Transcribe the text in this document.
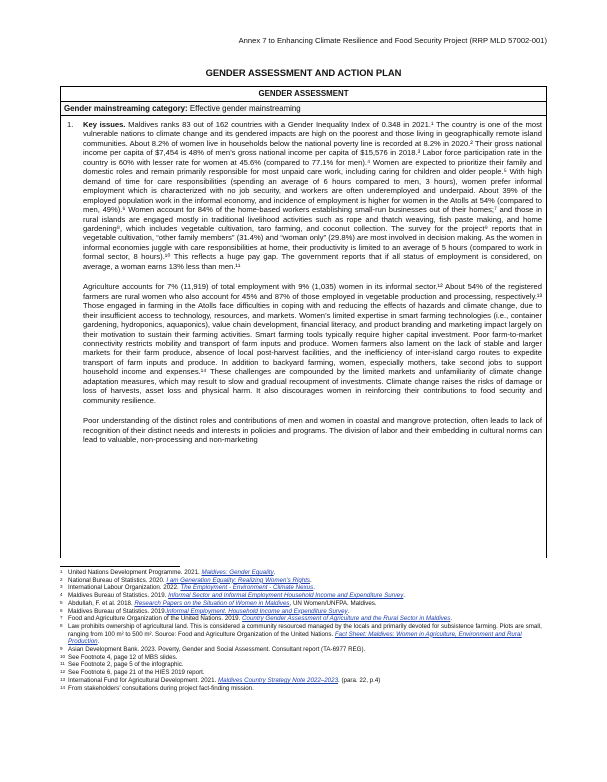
Annex 7 to Enhancing Climate Resilience and Food Security Project (RRP MLD 57002-001)
GENDER ASSESSMENT AND ACTION PLAN
GENDER ASSESSMENT
Gender mainstreaming category: Effective gender mainstreaming
1. Key issues. Maldives ranks 83 out of 162 countries with a Gender Inequality Index of 0.348 in 2021.¹ The country is one of the most vulnerable nations to climate change and its gendered impacts are high on the poorest and those living in geographically remote island communities. About 8.2% of women live in households below the national poverty line is recorded at 8.2% in 2020.² Their gross national income per capita of $7,454 is 48% of men’s gross national income per capita of $15,576 in 2018.³ Labor force participation rate in the country is 60% with lesser rate for women at 45.6% (compared to 77.1% for men).⁴ Women are expected to prioritize their family and domestic roles and remain primarily responsible for most unpaid care work, including caring for children and older people.⁵ With high demand of time for care responsibilities (spending an average of 6 hours compared to men, 3 hours), women prefer informal employment which is characterized with no job security, and workers are often underemployed and underpaid. About 39% of the employed population work in the informal economy, and incidence of employment is higher for women in the Atolls at 54% (compared to men, 49%).⁶ Women account for 84% of the home-based workers establishing small-run businesses out of their homes;⁷ and those in rural islands are engaged mostly in traditional livelihood activities such as rope and thatch weaving, fish paste making, and home gardening⁸, which includes vegetable cultivation, taro farming, and coconut collection. The survey for the project⁹ reports that in vegetable cultivation, “other family members” (31.4%) and “woman only” (29.8%) are most involved in decision making. As the women in informal economies juggle with care responsibilities at home, their productivity is limited to an average of 5 hours (compared to work in formal sector, 8 hours).¹⁰ This reflects a huge pay gap. The government reports that if all status of employment is considered, on average, a woman earns 13% less than men.¹¹

Agriculture accounts for 7% (11,919) of total employment with 9% (1,035) women in its informal sector.¹² About 54% of the registered farmers are rural women who also account for 45% and 87% of those employed in vegetable production and processing, respectively.¹³ Those engaged in farming in the Atolls face difficulties in coping with and reducing the effects of hazards and climate change, due to their insufficient access to technology, resources, and markets. Women’s limited expertise in smart farming technologies (i.e., container gardening, hydroponics, aquaponics), value chain development, financial literacy, and product branding and marketing impact largely on their motivation to sustain their farming activities. Smart farming tools typically require higher capital investment. Poor farm-to-market connectivity restricts mobility and transport of farm inputs and produce. Women farmers also lament on the lack of stable and larger markets for their farm produce, absence of local post-harvest facilities, and the inefficiency of inter-island cargo routes to expedite transport of farm inputs and produce. In addition to backyard farming, women, especially mothers, take second jobs to support household income and expenses.¹⁴ These challenges are compounded by the limited markets and unfamiliarity of climate change adaptation measures, which may result to slow and gradual recoupment of investments. Climate change raises the risks of damage or loss of harvests, asset loss and physical harm. It also discourages women in reinforcing their contributions to food security and community resilience.

Poor understanding of the distinct roles and contributions of men and women in coastal and mangrove protection, often leads to lack of recognition of their distinct needs and interests in policies and programs. The division of labor and their embedding in cultural norms can lead to valuable, non-processing and non-marketing

1 United Nations Development Programme. 2021. Maldives: Gender Equality.
2 National Bureau of Statistics. 2020. I am Generation Equality: Realizing Women’s Rights.
3 International Labour Organization. 2022. The Employment - Environment - Climate Nexus.
4 Maldives Bureau of Statistics. 2019. Informal Sector and Informal Employment Household Income and Expenditure Survey.
5 Abdullah, F. et al. 2018. Research Papers on the Situation of Women in Maldives, UN Women/UNFPA. Maldives.
6 Maldives Bureau of Statistics. 2019.Informal Employment. Household Income and Expenditure Survey.
7 Food and Agriculture Organization of the United Nations. 2019. Country Gender Assessment of Agriculture and the Rural Sector in Maldives.
8 Law prohibits ownership of agricultural land. This is considered a community resourced managed by the locals and primarily devoted for subsistence farming. Plots are small, ranging from 100 m² to 500 m². Source: Food and Agriculture Organization of the United Nations. Fact Sheet: Maldives: Women in Agriculture, Environment and Rural Production.
9 Asian Development Bank. 2023. Poverty, Gender and Social Assessment. Consultant report (TA-6977 REG).
10 See Footnote 4, page 12 of MBS slides.
11 See Footnote 2, page 5 of the infographic.
12 See Footnote 6, page 21 of the HIES 2019 report.
13 International Fund for Agricultural Development. 2021. Maldives Country Strategy Note 2022–2023. (para. 22, p.4)
14 From stakeholders’ consultations during project fact-finding mission.
